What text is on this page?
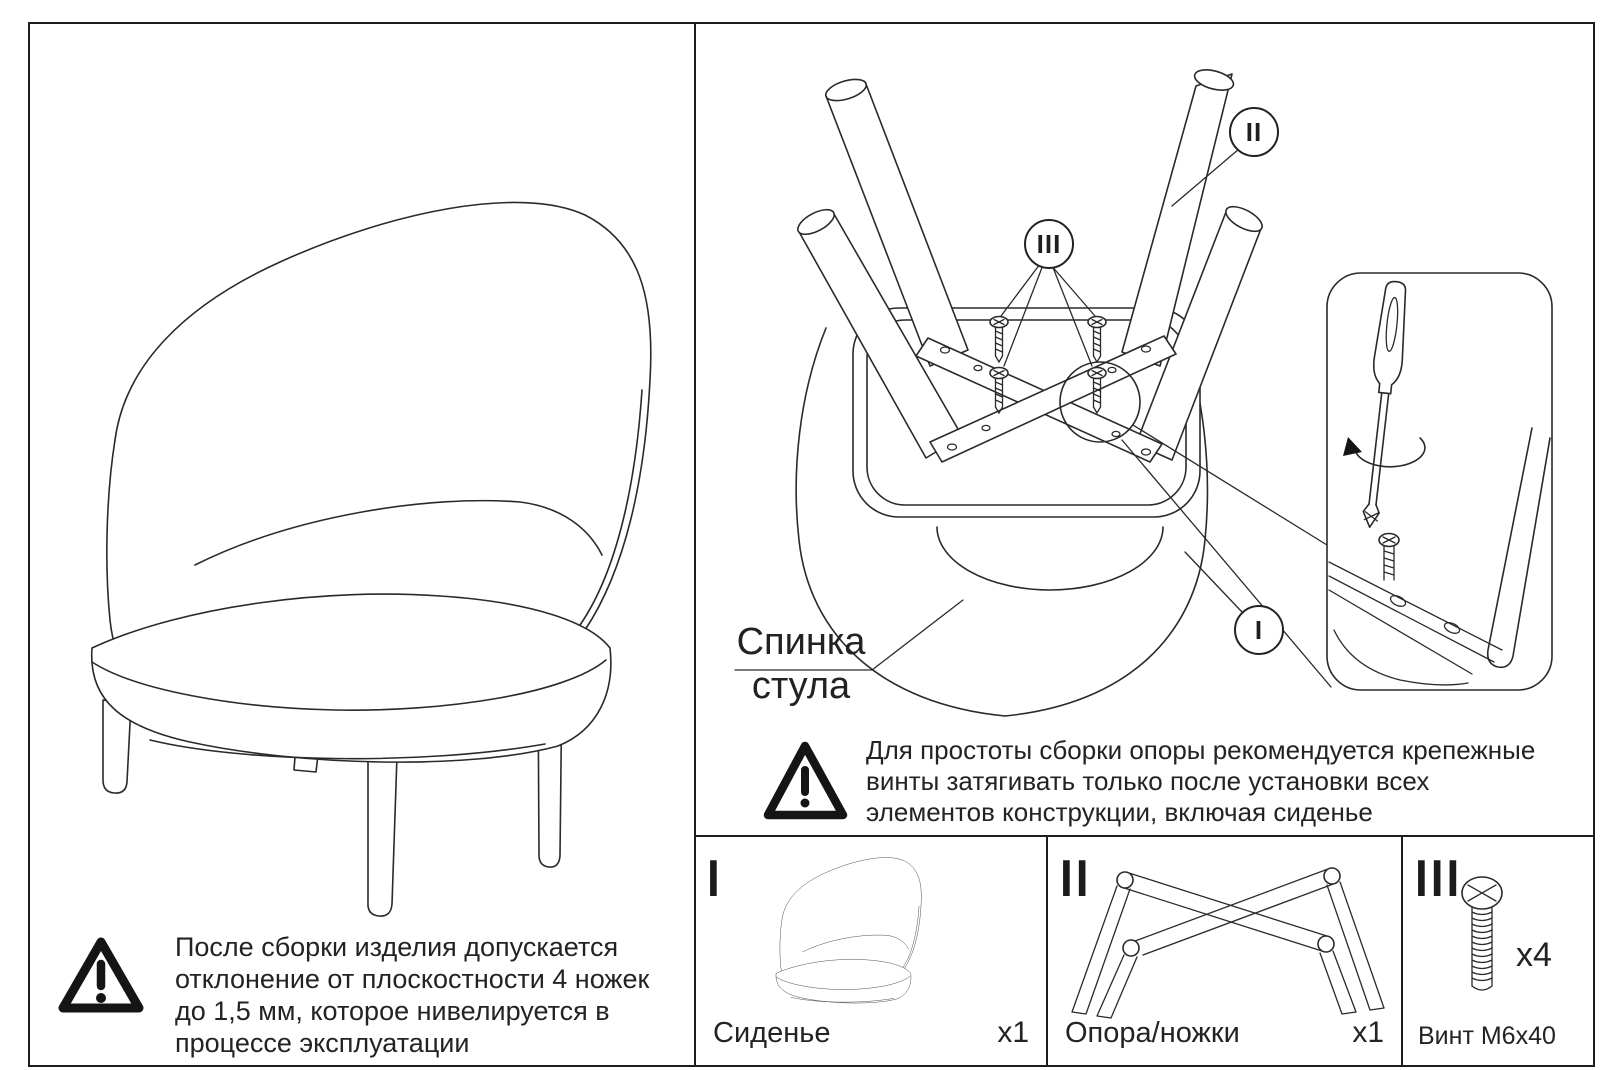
II
III
I
Спинка
стула
Для простоты сборки опоры рекомендуется крепежные
винты затягивать только после установки всех
элементов конструкции, включая сиденье
После сборки изделия допускается
отклонение от плоскостности 4 ножек
до 1,5 мм, которое нивелируется в
процессе эксплуатации
I	II	III
Сиденье	x1 Опора/ножки	x1 Винт M6x40
x4
